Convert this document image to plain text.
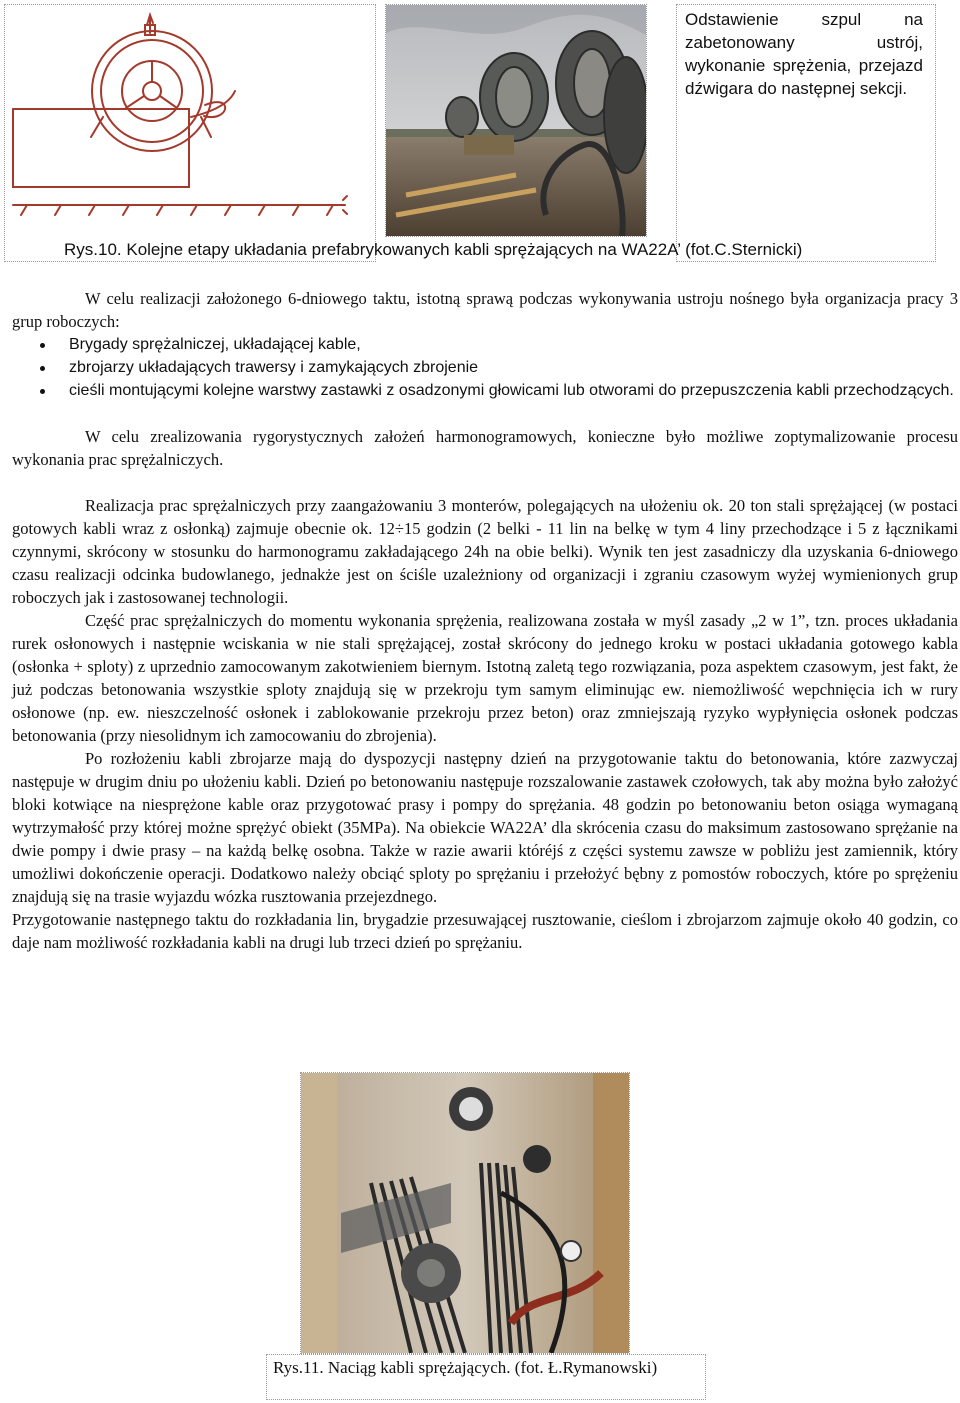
Odstawienie szpul na zabetonowany ustrój, wykonanie sprężenia, przejazd dźwigara do następnej sekcji.
Rys.10. Kolejne etapy układania prefabrykowanych kabli sprężających na WA22A’ (fot.C.Sternicki)

W celu realizacji założonego 6-dniowego taktu, istotną sprawą podczas wykonywania ustroju nośnego była organizacja pracy 3 grup roboczych:

Brygady sprężalniczej, układającej kable,
zbrojarzy układających trawersy i zamykających zbrojenie
cieśli montującymi kolejne warstwy zastawki z osadzonymi głowicami lub otworami do przepuszczenia kabli przechodzących.

W celu zrealizowania rygorystycznych założeń harmonogramowych, konieczne było możliwe zoptymalizowanie procesu wykonania prac sprężalniczych.

Realizacja prac sprężalniczych przy zaangażowaniu 3 monterów, polegających na ułożeniu ok. 20 ton stali sprężającej (w postaci gotowych kabli wraz z osłonką) zajmuje obecnie ok. 12÷15 godzin (2 belki - 11 lin na belkę w tym 4 liny przechodzące i 5 z łącznikami czynnymi, skrócony w stosunku do harmonogramu zakładającego 24h na obie belki). Wynik ten jest zasadniczy dla uzyskania 6-dniowego czasu realizacji odcinka budowlanego, jednakże jest on ściśle uzależniony od organizacji i zgraniu czasowym wyżej wymienionych grup roboczych jak i zastosowanej technologii.

Część prac sprężalniczych do momentu wykonania sprężenia, realizowana została w myśl zasady „2 w 1”, tzn. proces układania rurek osłonowych i następnie wciskania w nie stali sprężającej, został skrócony do jednego kroku w postaci układania gotowego kabla (osłonka + sploty) z uprzednio zamocowanym zakotwieniem biernym. Istotną zaletą tego rozwiązania, poza aspektem czasowym, jest fakt, że już podczas betonowania wszystkie sploty znajdują się w przekroju tym samym eliminując ew. niemożliwość wepchnięcia ich w rury osłonowe (np. ew. nieszczelność osłonek i zablokowanie przekroju przez beton) oraz zmniejszają ryzyko wypłynięcia osłonek podczas betonowania (przy niesolidnym ich zamocowaniu do zbrojenia).

Po rozłożeniu kabli zbrojarze mają do dyspozycji następny dzień na przygotowanie taktu do betonowania, które zazwyczaj następuje w drugim dniu po ułożeniu kabli. Dzień po betonowaniu następuje rozszalowanie zastawek czołowych, tak aby można było założyć bloki kotwiące na niesprężone kable oraz przygotować prasy i pompy do sprężania. 48 godzin po betonowaniu beton osiąga wymaganą wytrzymałość przy której możne sprężyć obiekt (35MPa). Na obiekcie WA22A’ dla skrócenia czasu do maksimum zastosowano sprężanie na dwie pompy i dwie prasy – na każdą belkę osobna. Także w razie awarii któréjś z części systemu zawsze w pobliżu jest zamiennik, który umożliwi dokończenie operacji. Dodatkowo należy obciąć sploty po sprężaniu i przełożyć bębny z pomostów roboczych, które po sprężeniu znajdują się na trasie wyjazdu wózka rusztowania przejezdnego.

Przygotowanie następnego taktu do rozkładania lin, brygadzie przesuwającej rusztowanie, cieślom i zbrojarzom zajmuje około 40 godzin, co daje nam możliwość rozkładania kabli na drugi lub trzeci dzień po sprężaniu.

Rys.11. Naciąg kabli sprężających. (fot. Ł.Rymanowski)
